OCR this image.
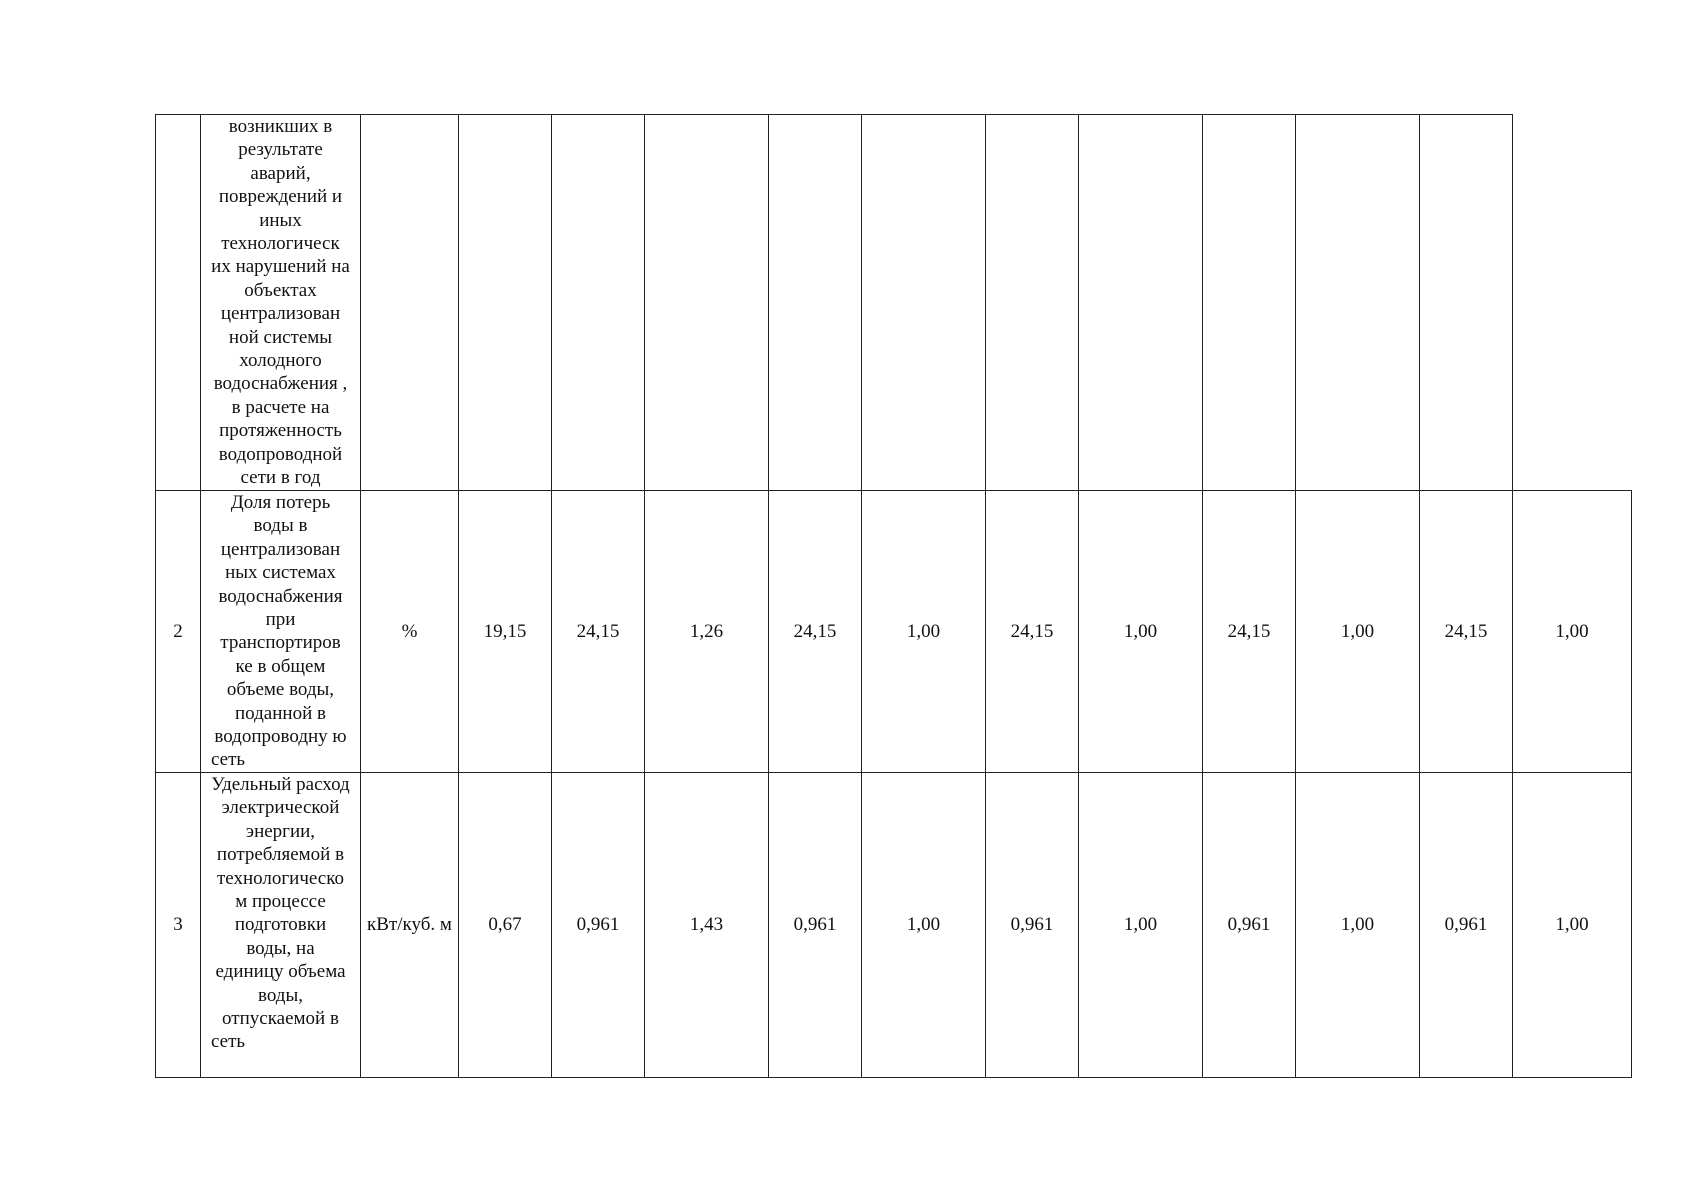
	возникших в результате аварий, повреждений и иных технологическ их нарушений на объектах централизован ной системы холодного водоснабжения , в расчете на протяженность водопроводной сети в год												

2	Доля потерь воды в централизован ных системах водоснабжения при транспортиров ке в общем объеме воды, поданной в водопроводну ю сеть	%	19,15	24,15	1,26	24,15	1,00	24,15	1,00	24,15	1,00	24,15	1,00
3	Удельный расход электрической энергии, потребляемой в технологическо м процессе подготовки воды, на единицу объема воды, отпускаемой в сеть	кВт/куб. м	0,67	0,961	1,43	0,961	1,00	0,961	1,00	0,961	1,00	0,961	1,00
